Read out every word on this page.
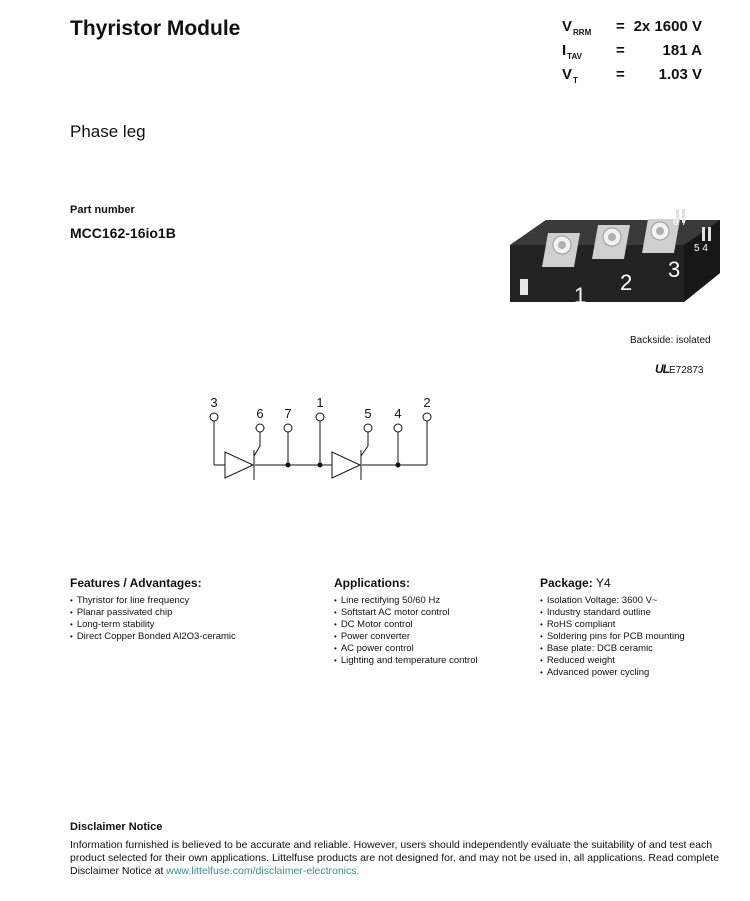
Thyristor Module	$V_{RRM} = 2x$ 1600 V
$I_{TAV}$ =	181 A
$V_T$	= 1.03 V
Phase leg
Part number
MCC162-16io1B
1
2
3
6 7
5 4
Backside: isolated
ULE72873
3
6 7
1
5 4
2
Features / Advantages:
• Thyristor for line frequency
• Planar passivated chip
• Long-term stability
• Direct Copper Bonded Al2O3-ceramic
Applications:
• Line rectifying 50/60 Hz
• Softstart AC motor control
• DC Motor control
• Power converter
• AC power control
• Lighting and temperature control
Package: Y4
• Isolation Voltage: 3600 V~
• Industry standard outline
• RoHS compliant
• Soldering pins for PCB mounting
• Base plate: DCB ceramic
• Reduced weight
• Advanced power cycling
Disclaimer Notice
Information furnished is believed to be accurate and reliable. However, users should independently evaluate the suitability of and test each product selected for their own applications. Littelfuse products are not designed for, and may not be used in, all applications. Read complete Disclaimer Notice at www.littelfuse.com/disclaimer-electronics.
